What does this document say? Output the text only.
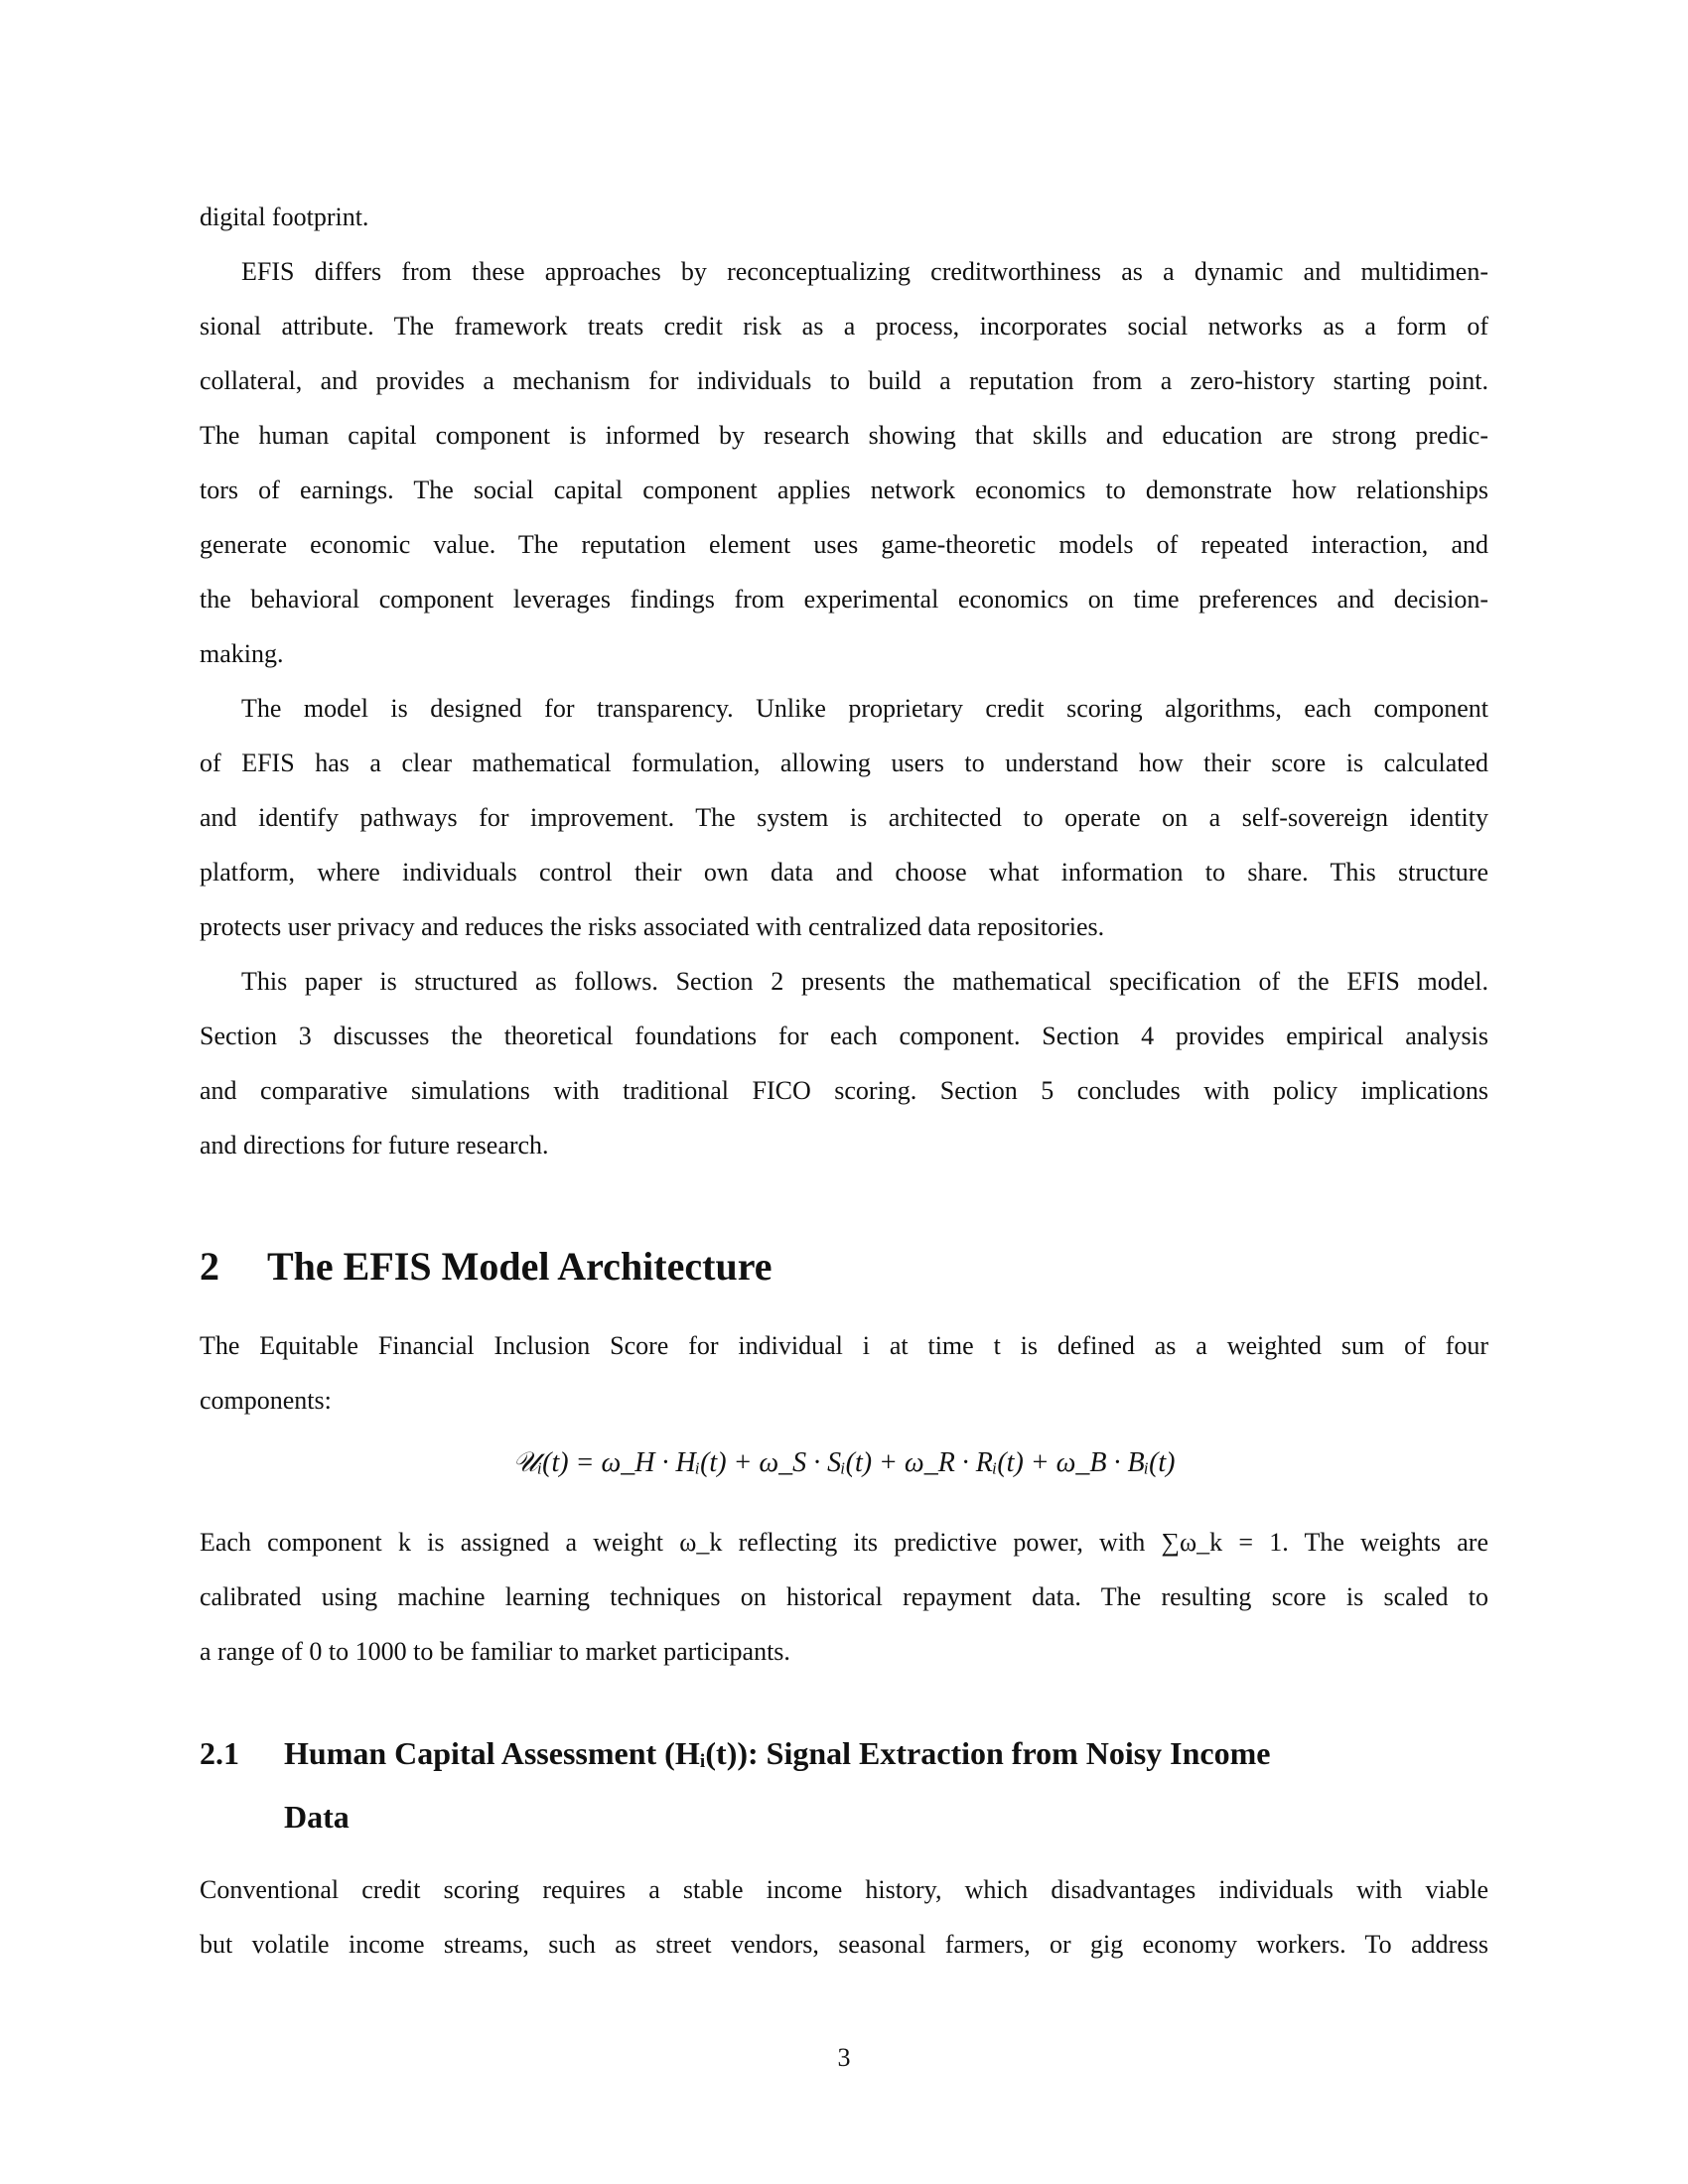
digital footprint.
EFIS differs from these approaches by reconceptualizing creditworthiness as a dynamic and multidimen-
sional attribute. The framework treats credit risk as a process, incorporates social networks as a form of
collateral, and provides a mechanism for individuals to build a reputation from a zero-history starting point.
The human capital component is informed by research showing that skills and education are strong predic-
tors of earnings. The social capital component applies network economics to demonstrate how relationships
generate economic value. The reputation element uses game-theoretic models of repeated interaction, and
the behavioral component leverages findings from experimental economics on time preferences and decision-
making.
The model is designed for transparency. Unlike proprietary credit scoring algorithms, each component
of EFIS has a clear mathematical formulation, allowing users to understand how their score is calculated
and identify pathways for improvement. The system is architected to operate on a self-sovereign identity
platform, where individuals control their own data and choose what information to share. This structure
protects user privacy and reduces the risks associated with centralized data repositories.
This paper is structured as follows. Section 2 presents the mathematical specification of the EFIS model.
Section 3 discusses the theoretical foundations for each component. Section 4 provides empirical analysis
and comparative simulations with traditional FICO scoring. Section 5 concludes with policy implications
and directions for future research.
2 The EFIS Model Architecture
The Equitable Financial Inclusion Score for individual i at time t is defined as a weighted sum of four
components:
𝒰ᵢ(t) = ω_H · Hᵢ(t) + ω_S · Sᵢ(t) + ω_R · Rᵢ(t) + ω_B · Bᵢ(t)
Each component k is assigned a weight ω_k reflecting its predictive power, with ∑ω_k = 1. The weights are
calibrated using machine learning techniques on historical repayment data. The resulting score is scaled to
a range of 0 to 1000 to be familiar to market participants.
2.1 Human Capital Assessment (Hᵢ(t)): Signal Extraction from Noisy Income
Data
Conventional credit scoring requires a stable income history, which disadvantages individuals with viable
but volatile income streams, such as street vendors, seasonal farmers, or gig economy workers. To address
3
